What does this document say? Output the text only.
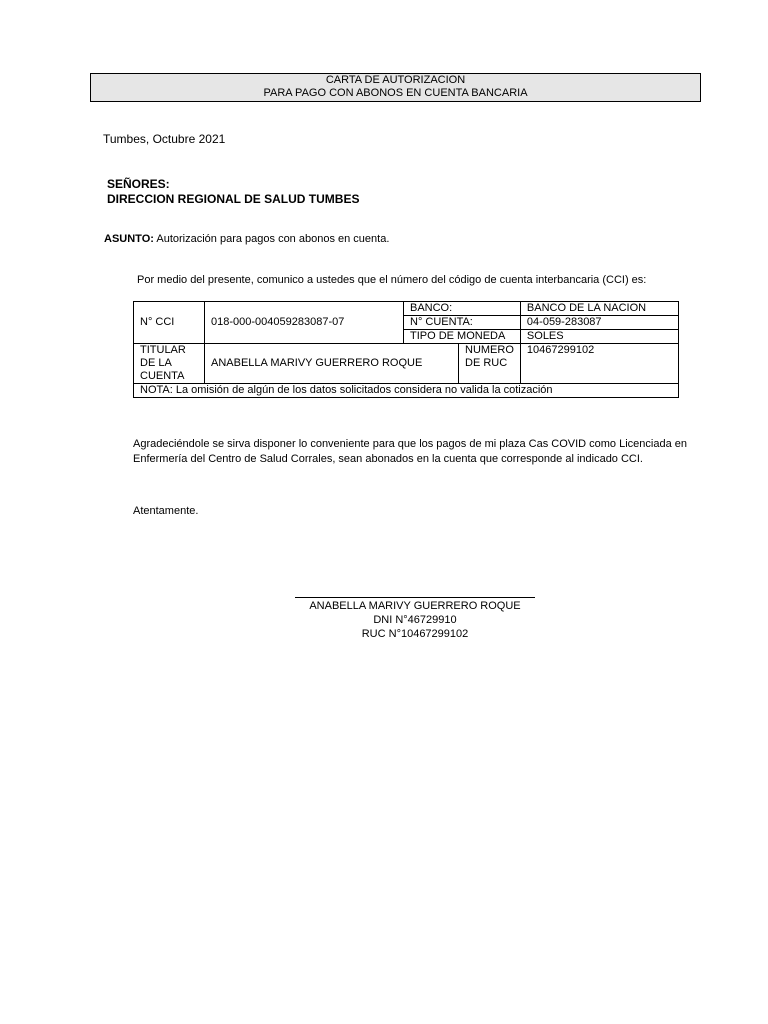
CARTA DE AUTORIZACION
PARA PAGO CON ABONOS EN CUENTA BANCARIA
Tumbes, Octubre 2021
SEÑORES:
DIRECCION REGIONAL DE SALUD TUMBES
ASUNTO: Autorización para pagos con abonos en cuenta.
Por medio del presente, comunico a ustedes que el número del código de cuenta interbancaria (CCI) es:
N° CCI	018-000-004059283087-07	BANCO:		BANCO DE LA NACION
		N° CUENTA:		04-059-283087
		TIPO DE MONEDA		SOLES
TITULAR DE LA CUENTA	ANABELLA MARIVY GUERRERO ROQUE		NUMERO DE RUC	10467299102
NOTA: La omisión de algún de los datos solicitados considera no valida la cotización				
Agradeciéndole se sirva disponer lo conveniente para que los pagos de mi plaza Cas COVID como Licenciada en Enfermería del Centro de Salud Corrales, sean abonados en la cuenta que corresponde al indicado CCI.
Atentamente.
ANABELLA MARIVY GUERRERO ROQUE
DNI N°46729910
RUC N°10467299102
